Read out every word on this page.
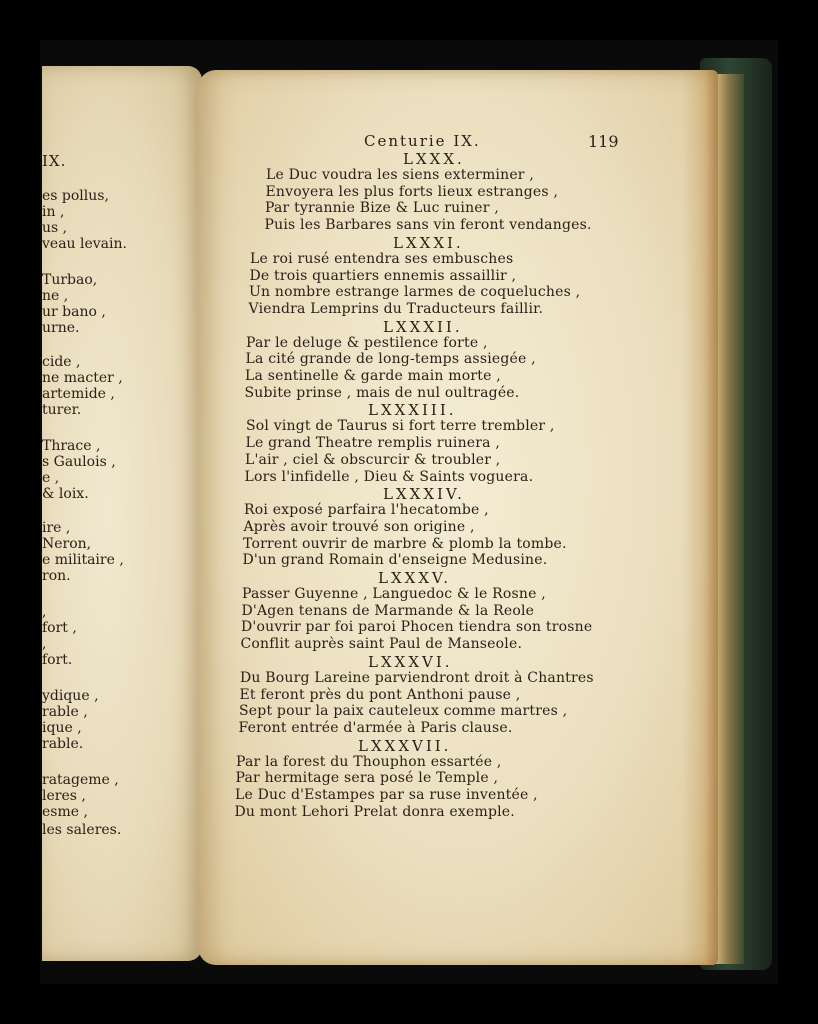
IX.
es pollus,
in ,
us ,
veau levain.
Turbao,
ne ,
ur bano ,
urne.
cide ,
ne macter ,
artemide ,
turer.
Thrace ,
s Gaulois ,
e ,
& loix.
ire ,
Neron,
e militaire ,
ron.
,
fort ,
,
fort.
ydique ,
rable ,
ique ,
rable.
ratageme ,
leres ,
esme ,
les saleres.
Centurie IX.	119
LXXX.
Le Duc voudra les siens exterminer ,
Envoyera les plus forts lieux estranges ,
Par tyrannie Bize & Luc ruiner ,
Puis les Barbares sans vin feront vendanges.
LXXXI.
Le roi rusé entendra ses embusches
De trois quartiers ennemis assaillir ,
Un nombre estrange larmes de coqueluches ,
Viendra Lemprins du Traducteurs faillir.
LXXXII.
Par le deluge & pestilence forte ,
La cité grande de long-temps assiegée ,
La sentinelle & garde main morte ,
Subite prinse , mais de nul oultragée.
LXXXIII.
Sol vingt de Taurus si fort terre trembler ,
Le grand Theatre remplis ruinera ,
L'air , ciel & obscurcir & troubler ,
Lors l'infidelle , Dieu & Saints voguera.
LXXXIV.
Roi exposé parfaira l'hecatombe ,
Après avoir trouvé son origine ,
Torrent ouvrir de marbre & plomb la tombe.
D'un grand Romain d'enseigne Medusine.
LXXXV.
Passer Guyenne , Languedoc & le Rosne ,
D'Agen tenans de Marmande & la Reole
D'ouvrir par foi paroi Phocen tiendra son trosne
Conflit auprès saint Paul de Manseole.
LXXXVI.
Du Bourg Lareine parviendront droit à Chantres
Et feront près du pont Anthoni pause ,
Sept pour la paix cauteleux comme martres ,
Feront entrée d'armée à Paris clause.
LXXXVII.
Par la forest du Thouphon essartée ,
Par hermitage sera posé le Temple ,
Le Duc d'Estampes par sa ruse inventée ,
Du mont Lehori Prelat donra exemple.
